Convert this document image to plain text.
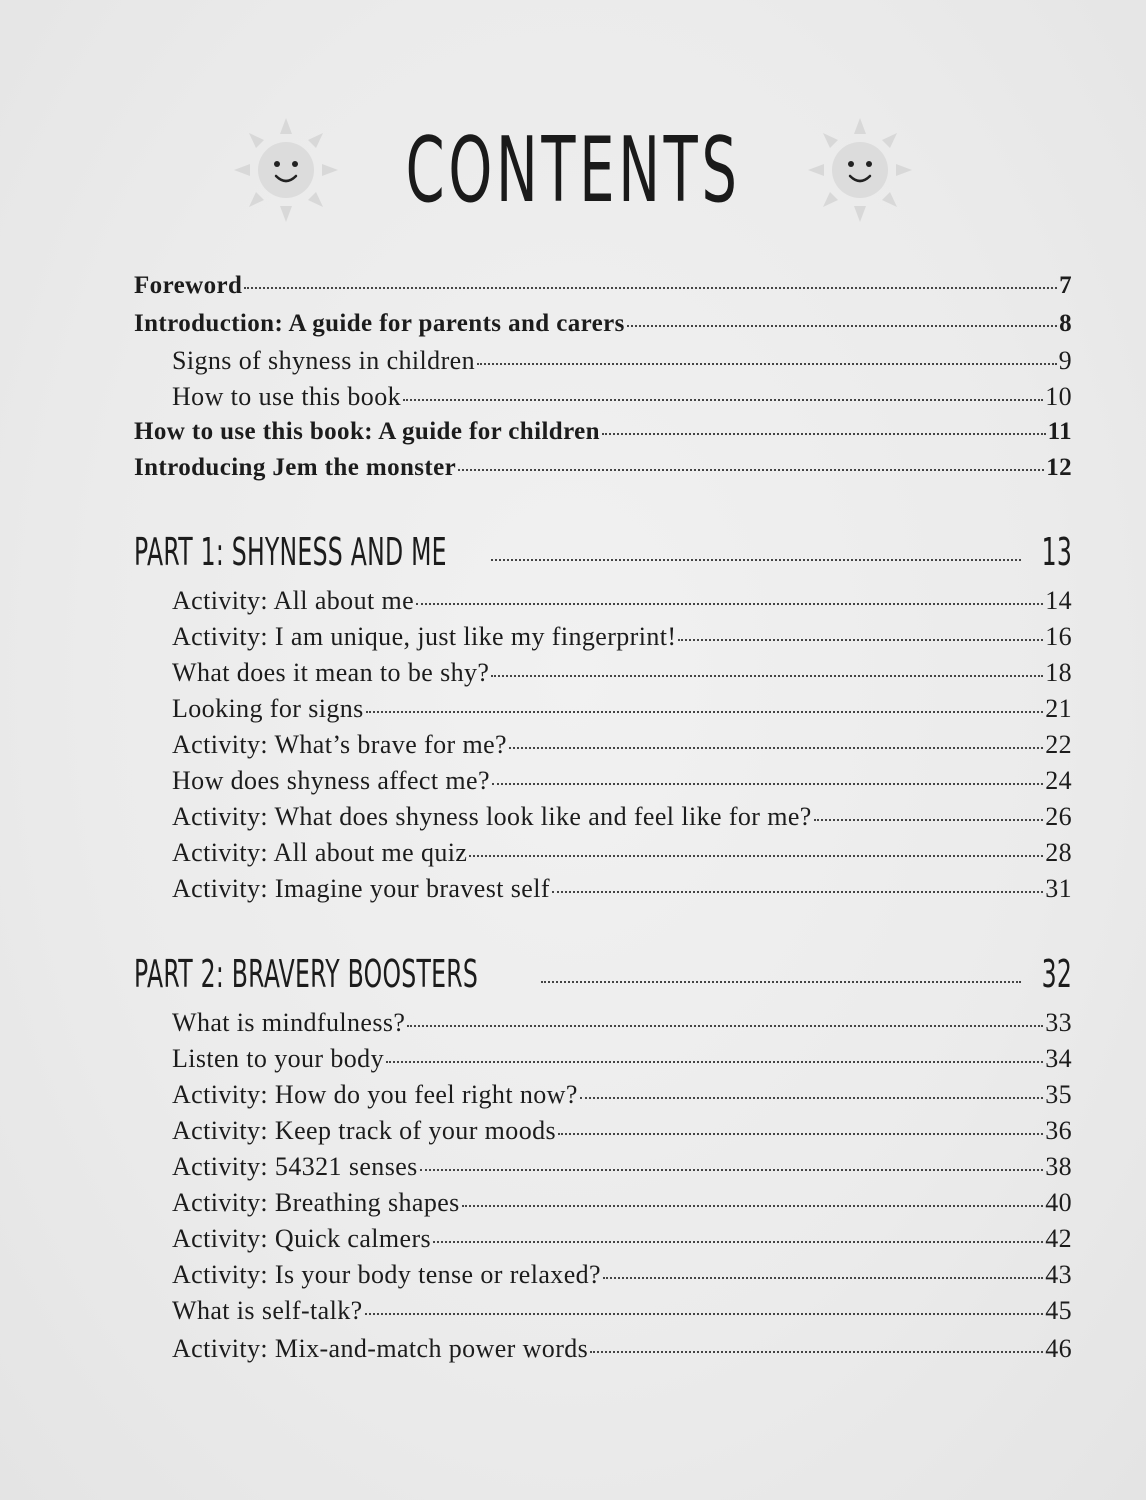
CONTENTS
Foreword	7
Introduction: A guide for parents and carers	8
Signs of shyness in children	9
How to use this book	10
How to use this book: A guide for children	11
Introducing Jem the monster	12
PART 1: SHYNESS AND ME	13
Activity: All about me	14
Activity: I am unique, just like my fingerprint!	16
What does it mean to be shy?	18
Looking for signs	21
Activity: What’s brave for me?	22
How does shyness affect me?	24
Activity: What does shyness look like and feel like for me?	26
Activity: All about me quiz	28
Activity: Imagine your bravest self	31
PART 2: BRAVERY BOOSTERS	32
What is mindfulness?	33
Listen to your body	34
Activity: How do you feel right now?	35
Activity: Keep track of your moods	36
Activity: 54321 senses	38
Activity: Breathing shapes	40
Activity: Quick calmers	42
Activity: Is your body tense or relaxed?	43
What is self-talk?	45
Activity: Mix-and-match power words	46
